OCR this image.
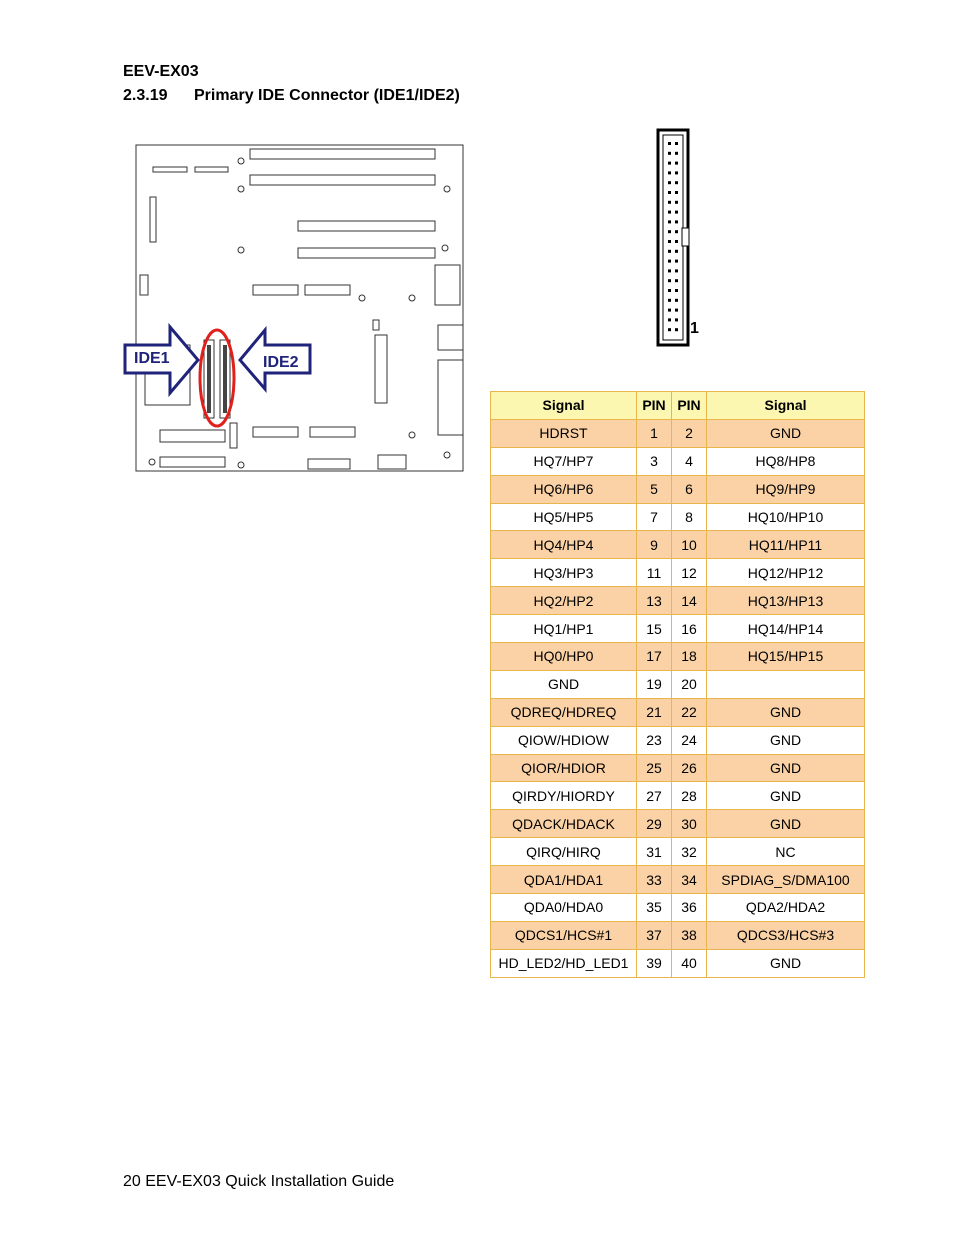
EEV-EX03
2.3.19 Primary IDE Connector (IDE1/IDE2)
IDE1	IDE2
1
Signal	PIN	PIN	Signal
HDRST	1	2	GND
HQ7/HP7	3	4	HQ8/HP8
HQ6/HP6	5	6	HQ9/HP9
HQ5/HP5	7	8	HQ10/HP10
HQ4/HP4	9	10	HQ11/HP11
HQ3/HP3	11	12	HQ12/HP12
HQ2/HP2	13	14	HQ13/HP13
HQ1/HP1	15	16	HQ14/HP14
HQ0/HP0	17	18	HQ15/HP15
GND	19	20	
QDREQ/HDREQ	21	22	GND
QIOW/HDIOW	23	24	GND
QIOR/HDIOR	25	26	GND
QIRDY/HIORDY	27	28	GND
QDACK/HDACK	29	30	GND
QIRQ/HIRQ	31	32	NC
QDA1/HDA1	33	34	SPDIAG_S/DMA100
QDA0/HDA0	35	36	QDA2/HDA2
QDCS1/HCS#1	37	38	QDCS3/HCS#3
HD_LED2/HD_LED1	39	40	GND
20 EEV-EX03 Quick Installation Guide
